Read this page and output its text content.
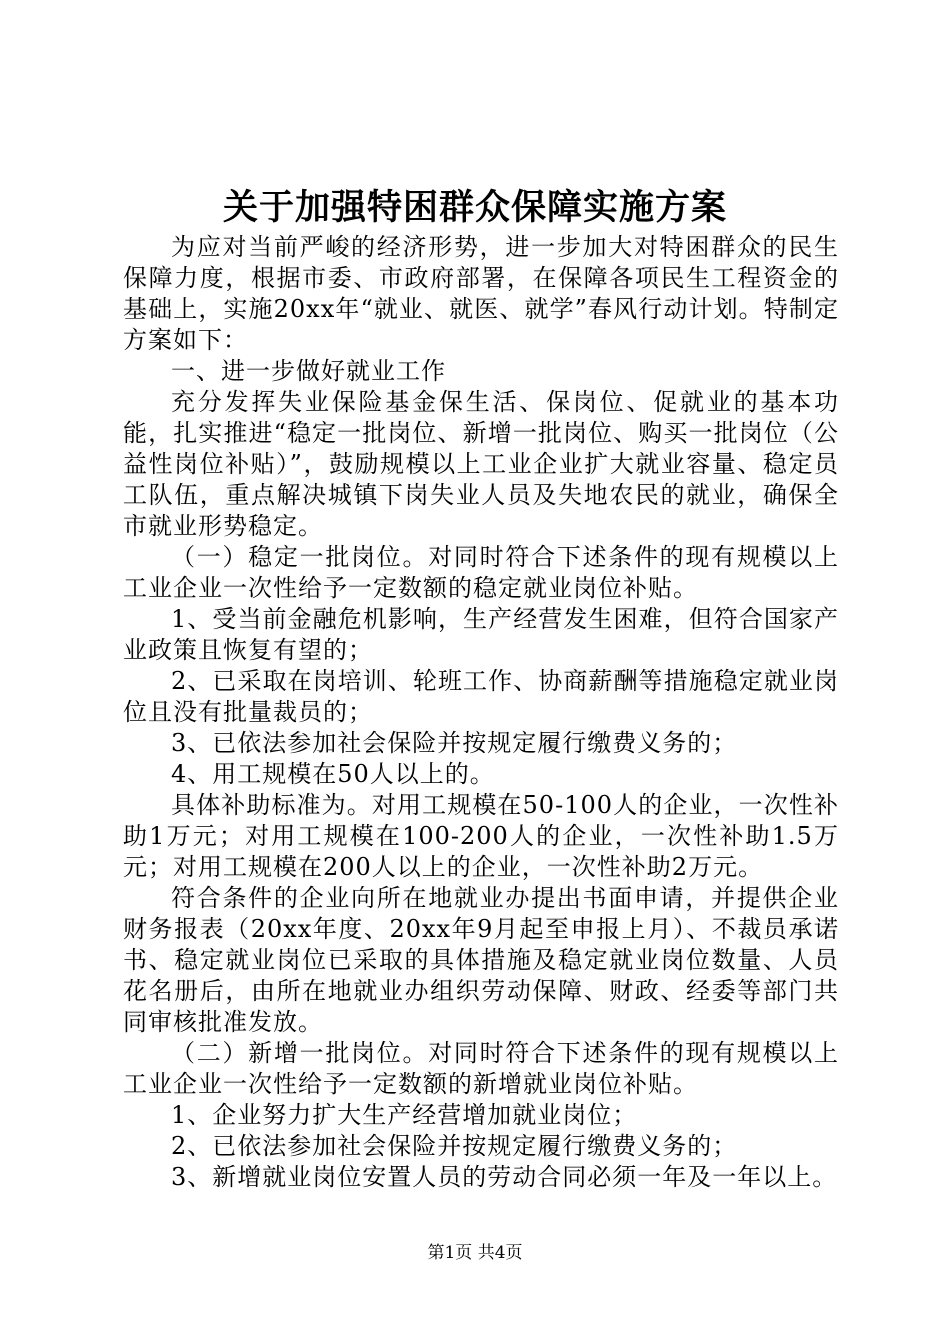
关于加强特困群众保障实施方案

为应对当前严峻的经济形势，进一步加大对特困群众的民生保障力度，根据市委、市政府部署，在保障各项民生工程资金的基础上，实施20xx年“就业、就医、就学”春风行动计划。特制定方案如下：

一、进一步做好就业工作

充分发挥失业保险基金保生活、保岗位、促就业的基本功能，扎实推进“稳定一批岗位、新增一批岗位、购买一批岗位（公益性岗位补贴）”，鼓励规模以上工业企业扩大就业容量、稳定员工队伍，重点解决城镇下岗失业人员及失地农民的就业，确保全市就业形势稳定。

（一）稳定一批岗位。对同时符合下述条件的现有规模以上工业企业一次性给予一定数额的稳定就业岗位补贴。

1、受当前金融危机影响，生产经营发生困难，但符合国家产业政策且恢复有望的；

2、已采取在岗培训、轮班工作、协商薪酬等措施稳定就业岗位且没有批量裁员的；

3、已依法参加社会保险并按规定履行缴费义务的；

4、用工规模在50人以上的。

具体补助标准为。对用工规模在50-100人的企业，一次性补助1万元；对用工规模在100-200人的企业，一次性补助1.5万元；对用工规模在200人以上的企业，一次性补助2万元。

符合条件的企业向所在地就业办提出书面申请，并提供企业财务报表（20xx年度、20xx年9月起至申报上月）、不裁员承诺书、稳定就业岗位已采取的具体措施及稳定就业岗位数量、人员花名册后，由所在地就业办组织劳动保障、财政、经委等部门共同审核批准发放。

（二）新增一批岗位。对同时符合下述条件的现有规模以上工业企业一次性给予一定数额的新增就业岗位补贴。

1、企业努力扩大生产经营增加就业岗位；

2、已依法参加社会保险并按规定履行缴费义务的；

3、新增就业岗位安置人员的劳动合同必须一年及一年以上。

第1页 共4页
